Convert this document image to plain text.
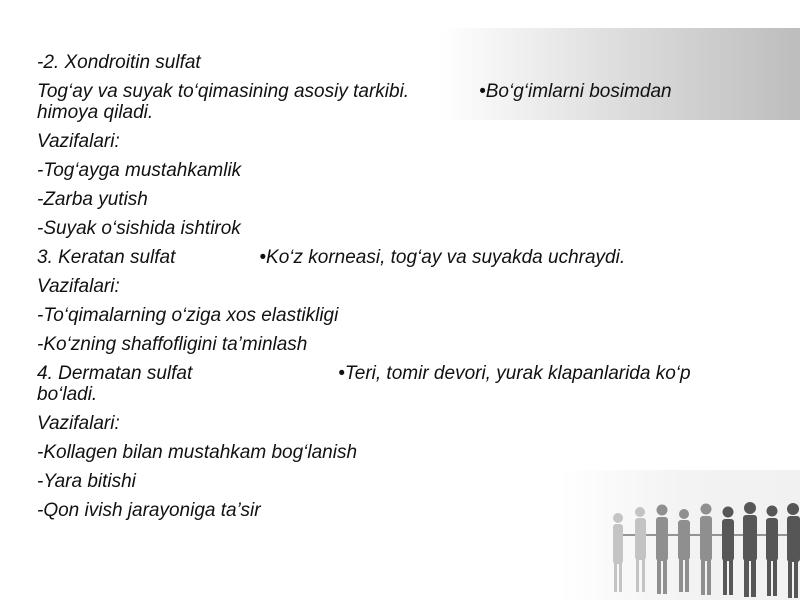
-2. Xondroitin sulfat

Tog‘ay va suyak to‘qimasining asosiy tarkibi.	•Bo‘g‘imlarni bosimdan
himoya qiladi.

Vazifalari:

-Tog‘ayga mustahkamlik

-Zarba yutish

-Suyak o‘sishida ishtirok

3. Keratan sulfat	•Ko‘z korneasi, tog‘ay va suyakda uchraydi.

Vazifalari:

-To‘qimalarning o‘ziga xos elastikligi

-Ko‘zning shaffofligini ta’minlash

4. Dermatan sulfat	•Teri, tomir devori, yurak klapanlarida ko‘p
bo‘ladi.

Vazifalari:

-Kollagen bilan mustahkam bog‘lanish

-Yara bitishi

-Qon ivish jarayoniga ta’sir
